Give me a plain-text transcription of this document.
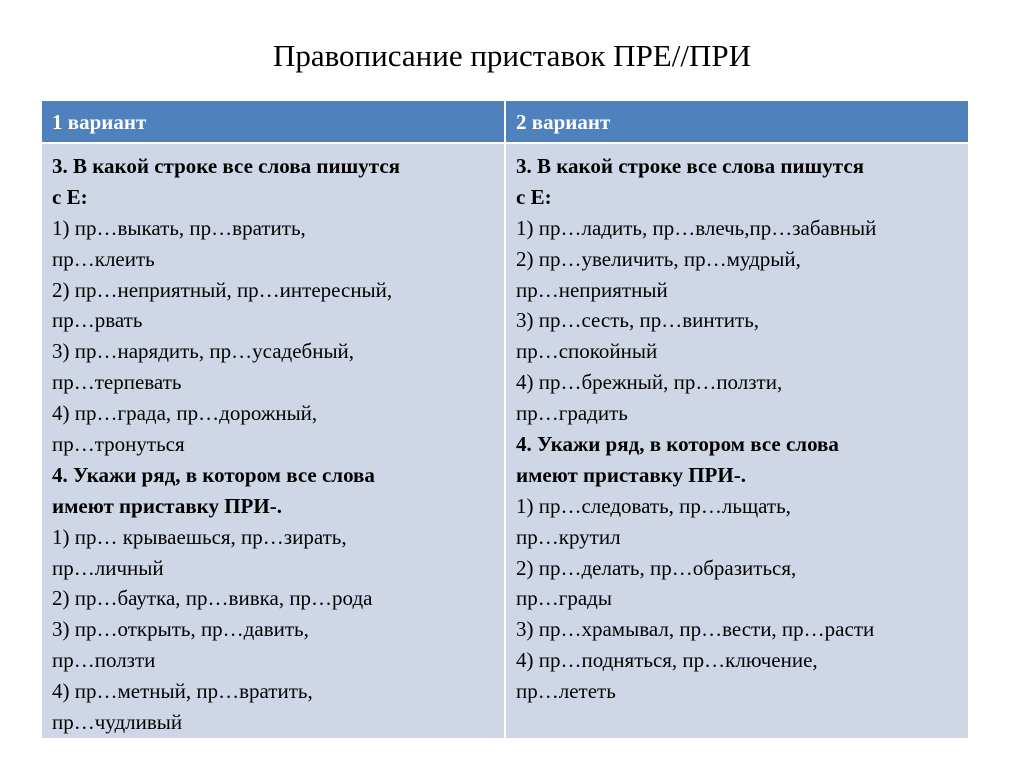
Правописание приставок ПРЕ//ПРИ
1 вариант	2 вариант
3. В какой строке все слова пишутся
с Е:
1) пр…выкать, пр…вратить,
пр…клеить
2) пр…неприятный, пр…интересный,
пр…рвать
3) пр…нарядить, пр…усадебный,
пр…терпевать
4) пр…града, пр…дорожный,
пр…тронуться
4. Укажи ряд, в котором все слова
имеют приставку ПРИ-.
1) пр… крываешься, пр…зирать,
пр…личный
2) пр…баутка, пр…вивка, пр…рода
3) пр…открыть, пр…давить,
пр…ползти
4) пр…метный, пр…вратить,
пр…чудливый
3. В какой строке все слова пишутся
с Е:
1) пр…ладить, пр…влечь,пр…забавный
2) пр…увеличить, пр…мудрый,
пр…неприятный
3) пр…сесть, пр…винтить,
пр…спокойный
4) пр…брежный, пр…ползти,
пр…градить
4. Укажи ряд, в котором все слова
имеют приставку ПРИ-.
1) пр…следовать, пр…льщать,
пр…крутил
2) пр…делать, пр…образиться,
пр…грады
3) пр…храмывал, пр…вести, пр…расти
4) пр…подняться, пр…ключение,
пр…лететь
